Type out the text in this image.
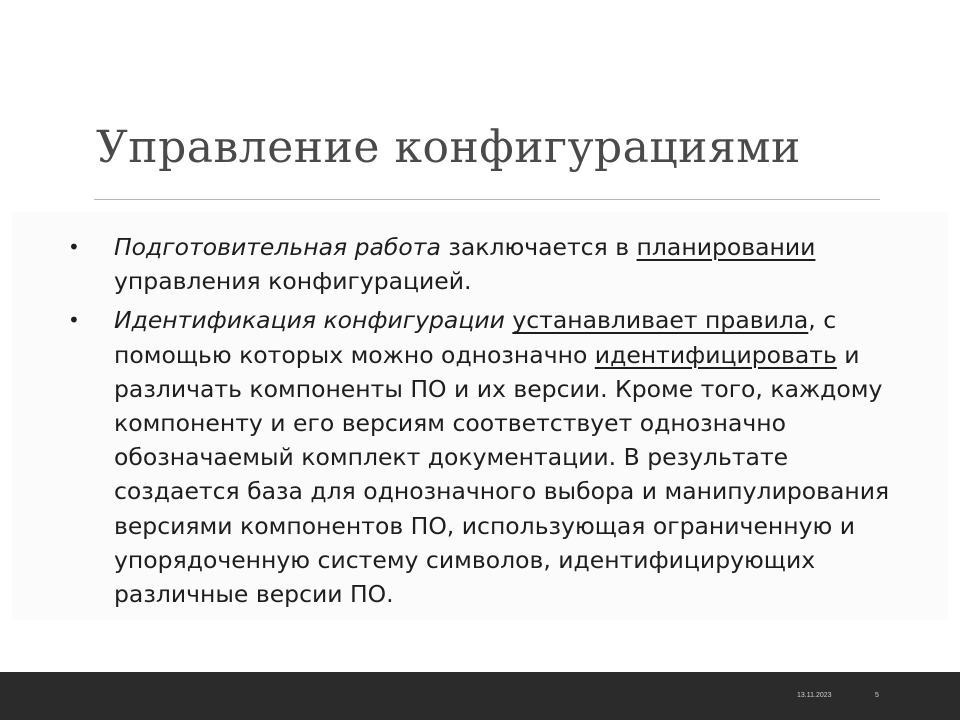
Управление конфигурациями
• Подготовительная работа заключается в планировании управления конфигурацией.
• Идентификация конфигурации устанавливает правила, с помощью которых можно однозначно идентифицировать и различать компоненты ПО и их версии. Кроме того, каждому компоненту и его версиям соответствует однозначно обозначаемый комплект документации. В результате создается база для однозначного выбора и манипулирования версиями компонентов ПО, использующая ограниченную и упорядоченную систему символов, идентифицирующих различные версии ПО.
13.11.2023	5
